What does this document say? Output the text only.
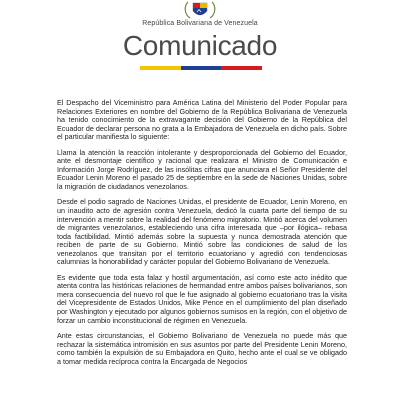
República Bolivariana de Venezuela
Comunicado

El Despacho del Viceministro para América Latina del Ministerio del Poder Popular para Relaciones Exteriores en nombre del Gobierno de la República Bolivariana de Venezuela ha tenido conocimiento de la extravagante decisión del Gobierno de la República del Ecuador de declarar persona no grata a la Embajadora de Venezuela en dicho país. Sobre el particular manifiesta lo siguiente:

Llama la atención la reacción intolerante y desproporcionada del Gobierno del Ecuador, ante el desmontaje científico y racional que realizara el Ministro de Comunicación e Información Jorge Rodríguez, de las insólitas cifras que anunciara el Señor Presidente del Ecuador Lenin Moreno el pasado 25 de septiembre en la sede de Naciones Unidas, sobre la migración de ciudadanos venezolanos.

Desde el podio sagrado de Naciones Unidas, el presidente de Ecuador, Lenin Moreno, en un inaudito acto de agresión contra Venezuela, dedicó la cuarta parte del tiempo de su intervención a mentir sobre la realidad del fenómeno migratorio. Mintió acerca del volumen de migrantes venezolanos, estableciendo una cifra interesada que –por ilógica– rebasa toda factibilidad. Mintió además sobre la supuesta y nunca demostrada atención que reciben de parte de su Gobierno. Mintió sobre las condiciones de salud de los venezolanos que transitan por el territorio ecuatoriano y agredió con tendenciosas calumnias la honorabilidad y carácter popular del Gobierno Bolivariano de Venezuela.

Es evidente que toda esta falaz y hostil argumentación, así como este acto inédito que atenta contra las históricas relaciones de hermandad entre ambos países bolivarianos, son mera consecuencia del nuevo rol que le fue asignado al gobierno ecuatoriano tras la visita del Vicepresidente de Estados Unidos, Mike Pence en el cumplimiento del plan diseñado por Washington y ejecutado por algunos gobiernos sumisos en la región, con el objetivo de forzar un cambio inconstitucional de régimen en Venezuela.

Ante estas circunstancias, el Gobierno Bolivariano de Venezuela no puede más que rechazar la sistemática intromisión en sus asuntos por parte del Presidente Lenin Moreno, como también la expulsión de su Embajadora en Quito, hecho ante el cual se ve obligado a tomar medida recíproca contra la Encargada de Negocios
